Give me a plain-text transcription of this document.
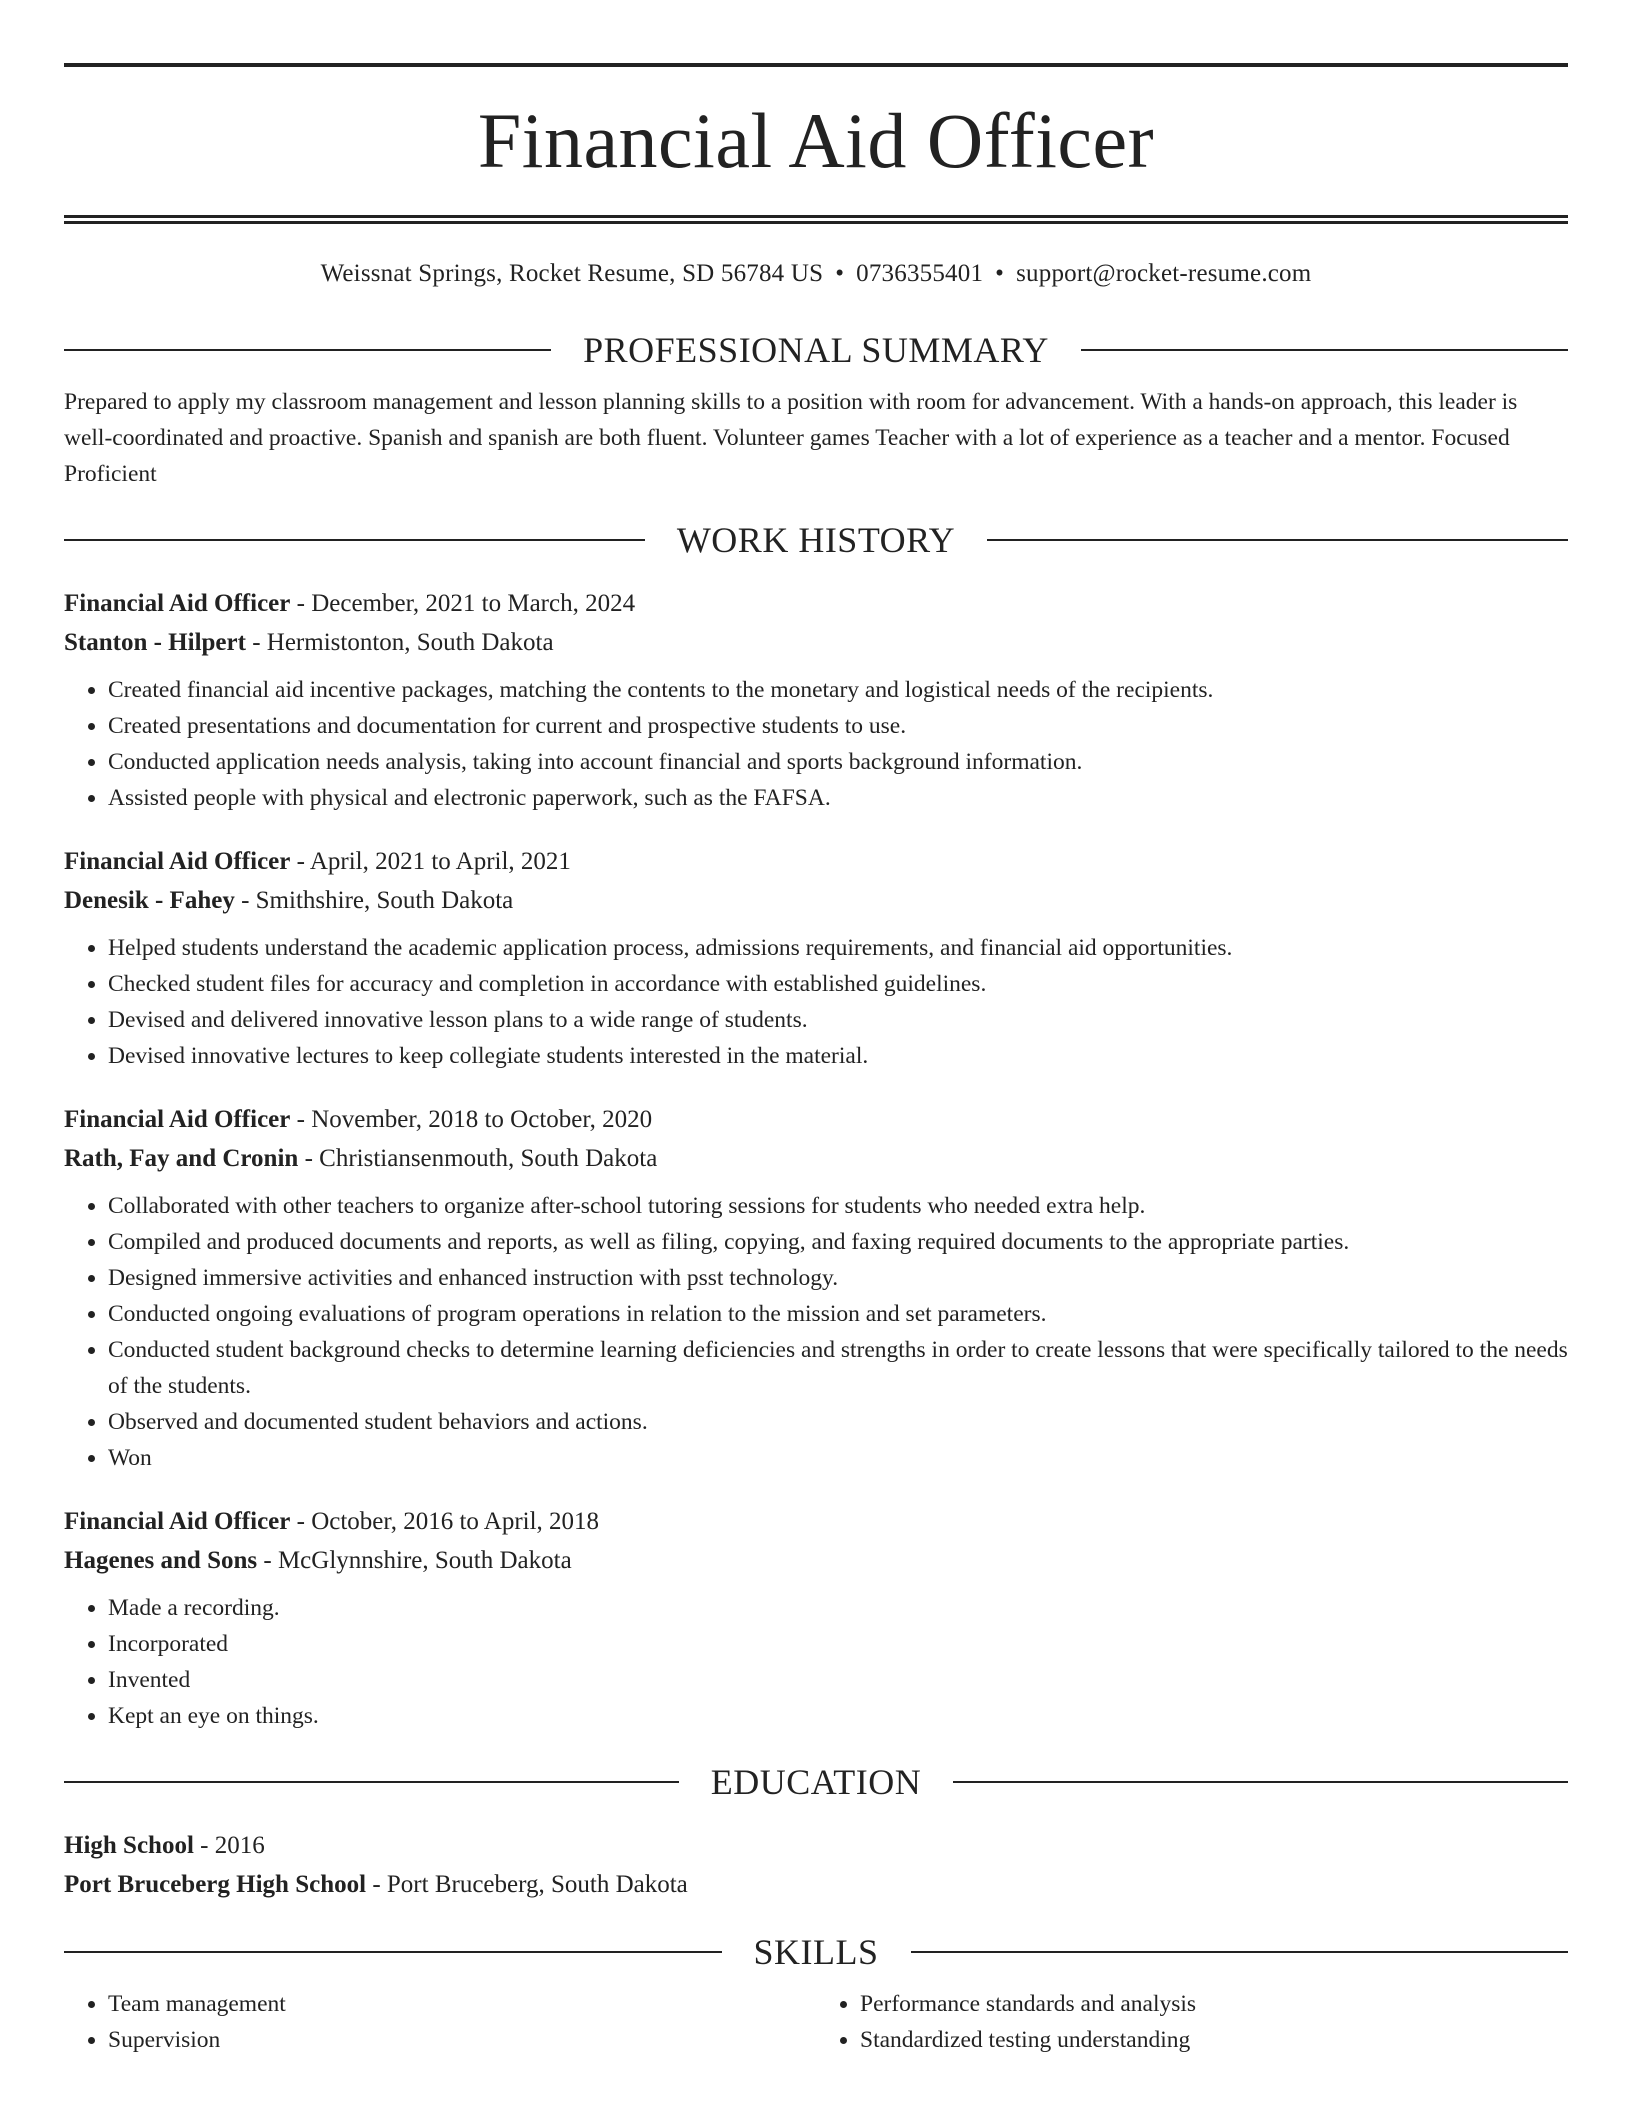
Financial Aid Officer
Weissnat Springs, Rocket Resume, SD 56784 US • 0736355401 • support@rocket-resume.com
PROFESSIONAL SUMMARY
Prepared to apply my classroom management and lesson planning skills to a position with room for advancement. With a hands-on approach, this leader is well-coordinated and proactive. Spanish and spanish are both fluent. Volunteer games Teacher with a lot of experience as a teacher and a mentor. Focused Proficient
WORK HISTORY
Financial Aid Officer - December, 2021 to March, 2024
Stanton - Hilpert - Hermistonton, South Dakota
• Created financial aid incentive packages, matching the contents to the monetary and logistical needs of the recipients.
• Created presentations and documentation for current and prospective students to use.
• Conducted application needs analysis, taking into account financial and sports background information.
• Assisted people with physical and electronic paperwork, such as the FAFSA.
Financial Aid Officer - April, 2021 to April, 2021
Denesik - Fahey - Smithshire, South Dakota
• Helped students understand the academic application process, admissions requirements, and financial aid opportunities.
• Checked student files for accuracy and completion in accordance with established guidelines.
• Devised and delivered innovative lesson plans to a wide range of students.
• Devised innovative lectures to keep collegiate students interested in the material.
Financial Aid Officer - November, 2018 to October, 2020
Rath, Fay and Cronin - Christiansenmouth, South Dakota
• Collaborated with other teachers to organize after-school tutoring sessions for students who needed extra help.
• Compiled and produced documents and reports, as well as filing, copying, and faxing required documents to the appropriate parties.
• Designed immersive activities and enhanced instruction with psst technology.
• Conducted ongoing evaluations of program operations in relation to the mission and set parameters.
• Conducted student background checks to determine learning deficiencies and strengths in order to create lessons that were specifically tailored to the needs of the students.
• Observed and documented student behaviors and actions.
• Won
Financial Aid Officer - October, 2016 to April, 2018
Hagenes and Sons - McGlynnshire, South Dakota
• Made a recording.
• Incorporated
• Invented
• Kept an eye on things.
EDUCATION
High School - 2016
Port Bruceberg High School - Port Bruceberg, South Dakota
SKILLS
• Team management
• Supervision
• Performance standards and analysis
• Standardized testing understanding
